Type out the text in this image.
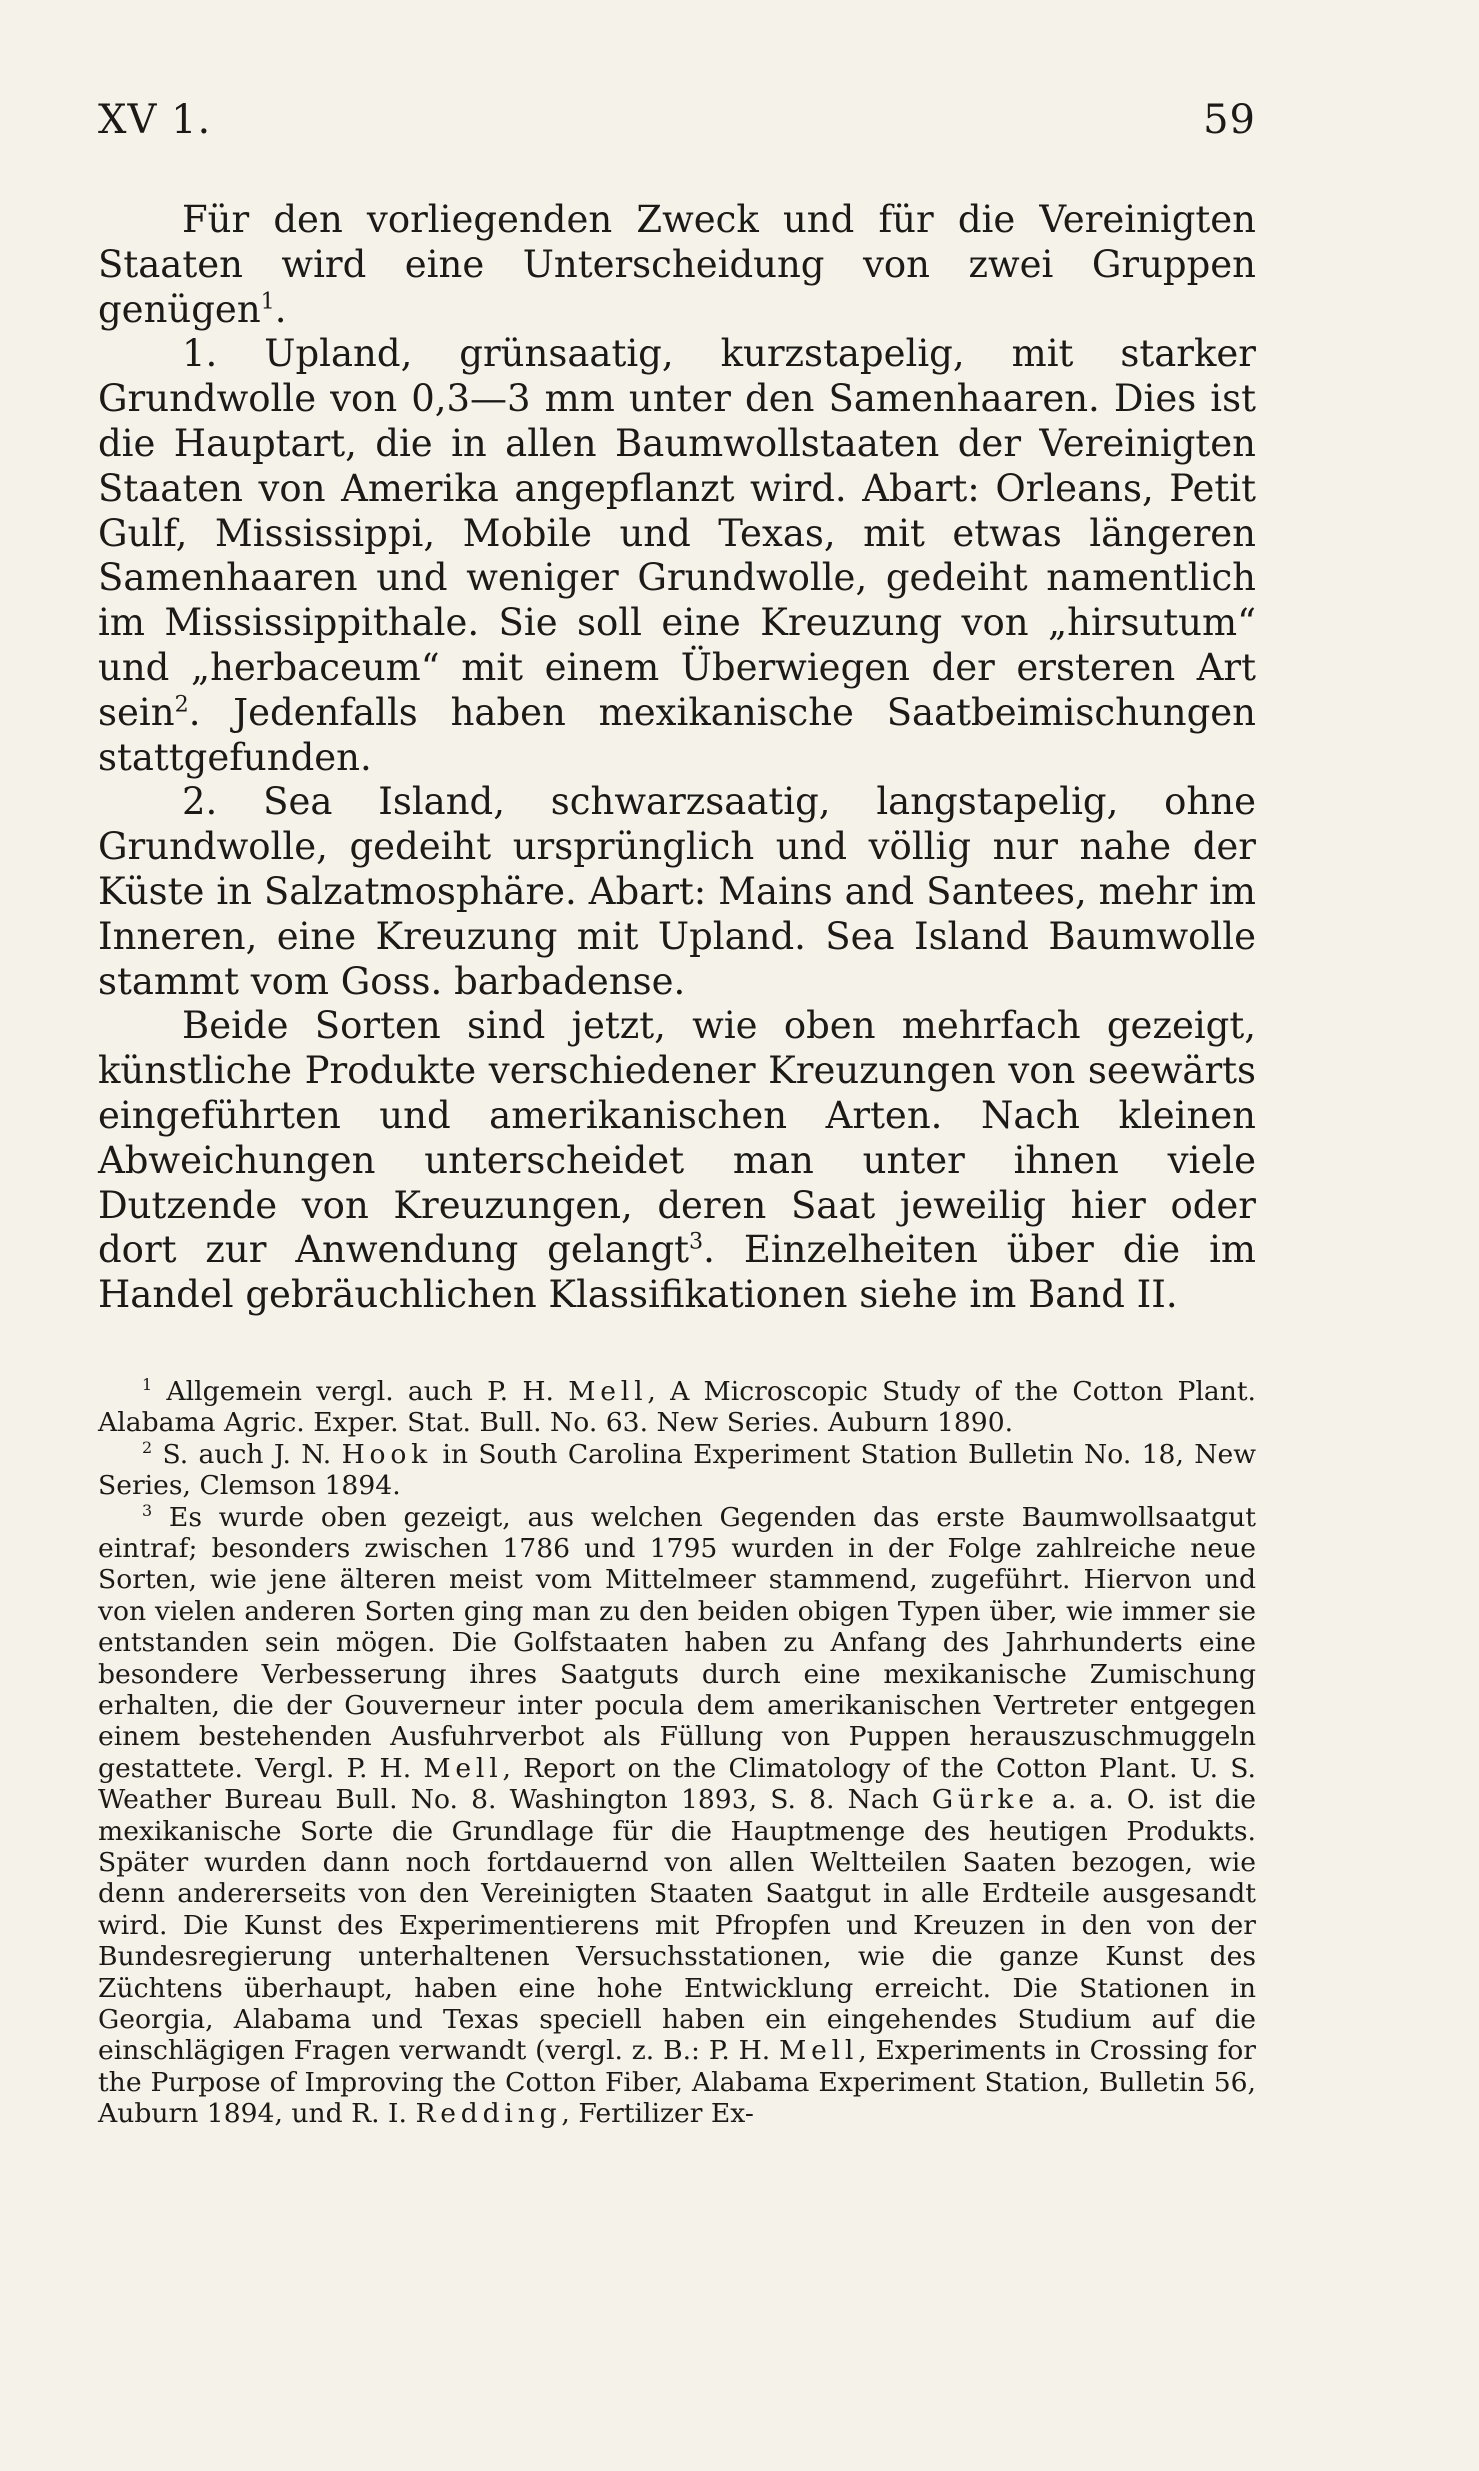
XV 1.	59

Für den vorliegenden Zweck und für die Vereinigten Staaten wird eine Unterscheidung von zwei Gruppen genügen$^1$.

1. Upland, grünsaatig, kurzstapelig, mit starker Grundwolle von 0,3—3 mm unter den Samenhaaren. Dies ist die Hauptart, die in allen Baumwollstaaten der Vereinigten Staaten von Amerika angepflanzt wird. Abart: Orleans, Petit Gulf, Mississippi, Mobile und Texas, mit etwas längeren Samenhaaren und weniger Grundwolle, gedeiht namentlich im Mississippithale. Sie soll eine Kreuzung von „hirsutum“ und „herbaceum“ mit einem Überwiegen der ersteren Art sein$^2$. Jedenfalls haben mexikanische Saatbeimischungen stattgefunden.

2. Sea Island, schwarzsaatig, langstapelig, ohne Grundwolle, gedeiht ursprünglich und völlig nur nahe der Küste in Salzatmosphäre. Abart: Mains and Santees, mehr im Inneren, eine Kreuzung mit Upland. Sea Island Baumwolle stammt vom Goss. barbadense.

Beide Sorten sind jetzt, wie oben mehrfach gezeigt, künstliche Produkte verschiedener Kreuzungen von seewärts eingeführten und amerikanischen Arten. Nach kleinen Abweichungen unterscheidet man unter ihnen viele Dutzende von Kreuzungen, deren Saat jeweilig hier oder dort zur Anwendung gelangt$^3$. Einzelheiten über die im Handel gebräuchlichen Klassifikationen siehe im Band II.

$^1$ Allgemein vergl. auch P. H. Mell, A Microscopic Study of the Cotton Plant. Alabama Agric. Exper. Stat. Bull. No. 63. New Series. Auburn 1890.

$^2$ S. auch J. N. Hook in South Carolina Experiment Station Bulletin No. 18, New Series, Clemson 1894.

$^3$ Es wurde oben gezeigt, aus welchen Gegenden das erste Baumwollsaatgut eintraf; besonders zwischen 1786 und 1795 wurden in der Folge zahlreiche neue Sorten, wie jene älteren meist vom Mittelmeer stammend, zugeführt. Hiervon und von vielen anderen Sorten ging man zu den beiden obigen Typen über, wie immer sie entstanden sein mögen. Die Golfstaaten haben zu Anfang des Jahrhunderts eine besondere Verbesserung ihres Saatguts durch eine mexikanische Zumischung erhalten, die der Gouverneur inter pocula dem amerikanischen Vertreter entgegen einem bestehenden Ausfuhrverbot als Füllung von Puppen herauszuschmuggeln gestattete. Vergl. P. H. Mell, Report on the Climatology of the Cotton Plant. U. S. Weather Bureau Bull. No. 8. Washington 1893, S. 8. Nach Gürke a. a. O. ist die mexikanische Sorte die Grundlage für die Hauptmenge des heutigen Produkts. Später wurden dann noch fortdauernd von allen Weltteilen Saaten bezogen, wie denn andererseits von den Vereinigten Staaten Saatgut in alle Erdteile ausgesandt wird. Die Kunst des Experimentierens mit Pfropfen und Kreuzen in den von der Bundesregierung unterhaltenen Versuchsstationen, wie die ganze Kunst des Züchtens überhaupt, haben eine hohe Entwicklung erreicht. Die Stationen in Georgia, Alabama und Texas speciell haben ein eingehendes Studium auf die einschlägigen Fragen verwandt (vergl. z. B.: P. H. Mell, Experiments in Crossing for the Purpose of Improving the Cotton Fiber, Alabama Experiment Station, Bulletin 56, Auburn 1894, und R. I. Redding, Fertilizer Ex-
